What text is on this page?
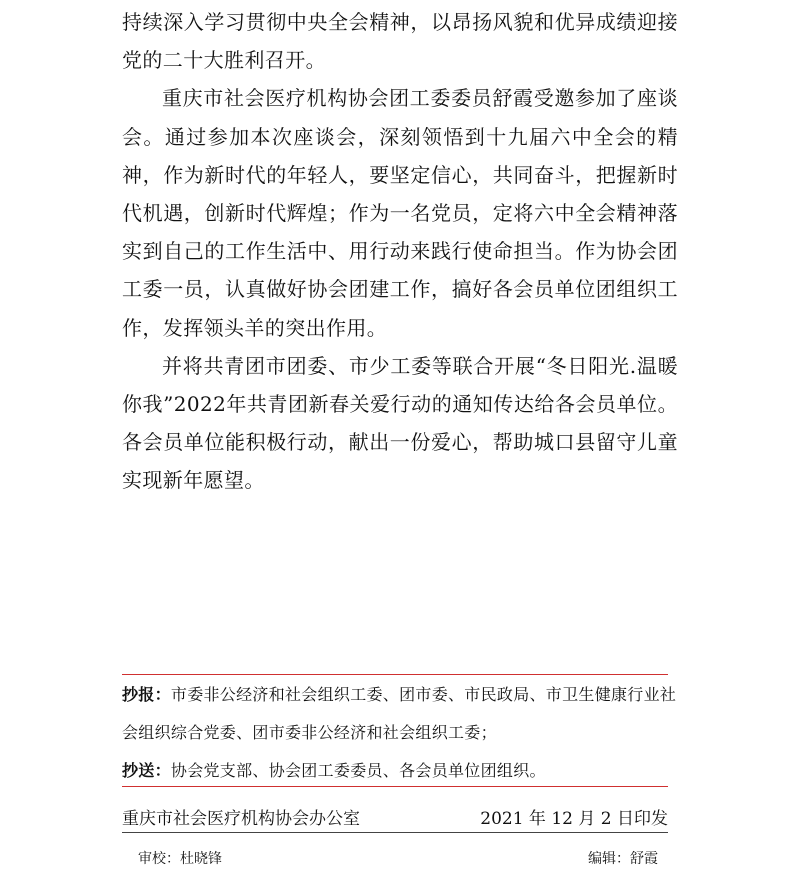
持续深入学习贯彻中央全会精神，以昂扬风貌和优异成绩迎接党的二十大胜利召开。

重庆市社会医疗机构协会团工委委员舒霞受邀参加了座谈会。通过参加本次座谈会，深刻领悟到十九届六中全会的精神，作为新时代的年轻人，要坚定信心，共同奋斗，把握新时代机遇，创新时代辉煌；作为一名党员，定将六中全会精神落实到自己的工作生活中、用行动来践行使命担当。作为协会团工委一员，认真做好协会团建工作，搞好各会员单位团组织工作，发挥领头羊的突出作用。

并将共青团市团委、市少工委等联合开展“冬日阳光.温暖你我”2022年共青团新春关爱行动的通知传达给各会员单位。各会员单位能积极行动，献出一份爱心，帮助城口县留守儿童实现新年愿望。

抄报：市委非公经济和社会组织工委、团市委、市民政局、市卫生健康行业社会组织综合党委、团市委非公经济和社会组织工委；
抄送：协会党支部、协会团工委委员、各会员单位团组织。
重庆市社会医疗机构协会办公室	2021 年 12 月 2 日印发
审校：杜晓锋	编辑：舒霞
